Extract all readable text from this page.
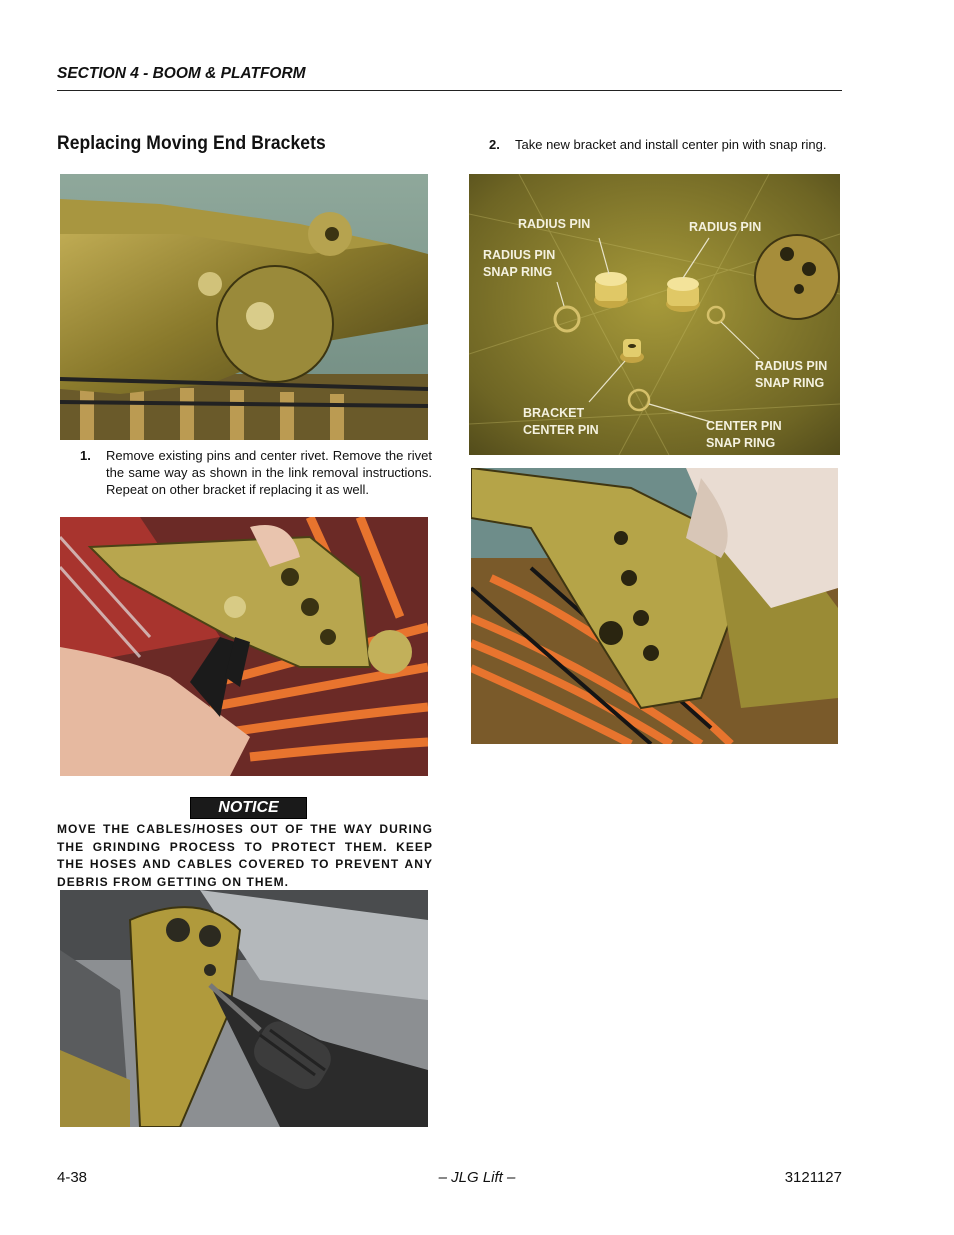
SECTION 4 - BOOM & PLATFORM
Replacing Moving End Brackets
1.	Remove existing pins and center rivet. Remove the rivet the same way as shown in the link removal instructions. Repeat on other bracket if replacing it as well.
NOTICE
MOVE THE CABLES/HOSES OUT OF THE WAY DURING THE GRINDING PROCESS TO PROTECT THEM. KEEP THE HOSES AND CABLES COVERED TO PREVENT ANY DEBRIS FROM GETTING ON THEM.
2.	Take new bracket and install center pin with snap ring.
RADIUS PIN	RADIUS PIN
RADIUS PIN
SNAP RING
RADIUS PIN
SNAP RING
BRACKET
CENTER PIN	CENTER PIN
SNAP RING
4-38	– JLG Lift –	3121127
